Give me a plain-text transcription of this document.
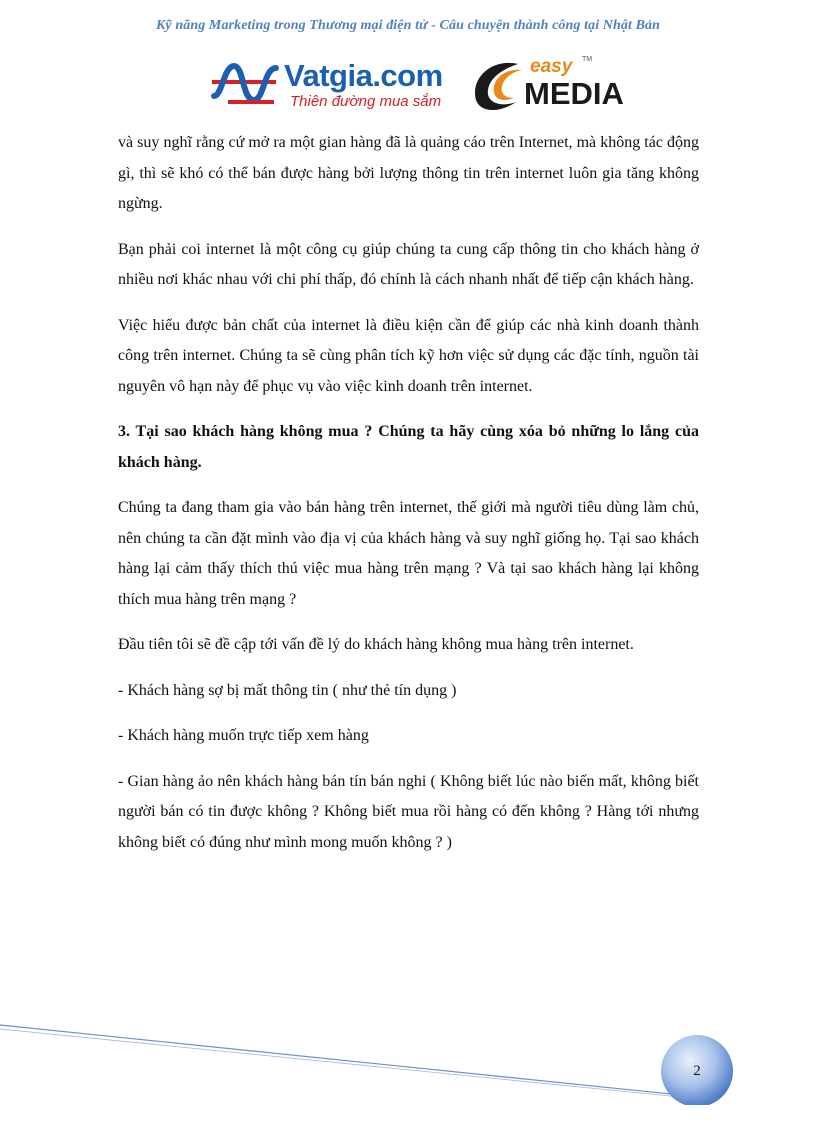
Kỹ năng Marketing trong Thương mại điện tử - Câu chuyện thành công tại Nhật Bản
Vatgia.com
Thiên đường mua sắm
easy TM
MEDIA

và suy nghĩ rằng cứ mở ra một gian hàng đã là quảng cáo trên Internet, mà không tác động gì, thì sẽ khó có thể bán được hàng bởi lượng thông tin trên internet luôn gia tăng không ngừng.

Bạn phải coi internet là một công cụ giúp chúng ta cung cấp thông tin cho khách hàng ở nhiều nơi khác nhau với chi phí thấp, đó chính là cách nhanh nhất để tiếp cận khách hàng.

Việc hiểu được bản chất của internet là điều kiện cần để giúp các nhà kinh doanh thành công trên internet. Chúng ta sẽ cùng phân tích kỹ hơn việc sử dụng các đặc tính, nguồn tài nguyên vô hạn này để phục vụ vào việc kinh doanh trên internet.

3. Tại sao khách hàng không mua ? Chúng ta hãy cùng xóa bỏ những lo lắng của khách hàng.

Chúng ta đang tham gia vào bán hàng trên internet, thế giới mà người tiêu dùng làm chủ, nên chúng ta cần đặt mình vào địa vị của khách hàng và suy nghĩ giống họ. Tại sao khách hàng lại cảm thấy thích thú việc mua hàng trên mạng ? Và tại sao khách hàng lại không thích mua hàng trên mạng ?

Đầu tiên tôi sẽ đề cập tới vấn đề lý do khách hàng không mua hàng trên internet.

- Khách hàng sợ bị mất thông tin ( như thẻ tín dụng )

- Khách hàng muốn trực tiếp xem hàng

- Gian hàng ảo nên khách hàng bán tín bán nghi ( Không biết lúc nào biến mất, không biết người bán có tin được không ? Không biết mua rồi hàng có đến không ? Hàng tới nhưng không biết có đúng như mình mong muốn không ? )

2
